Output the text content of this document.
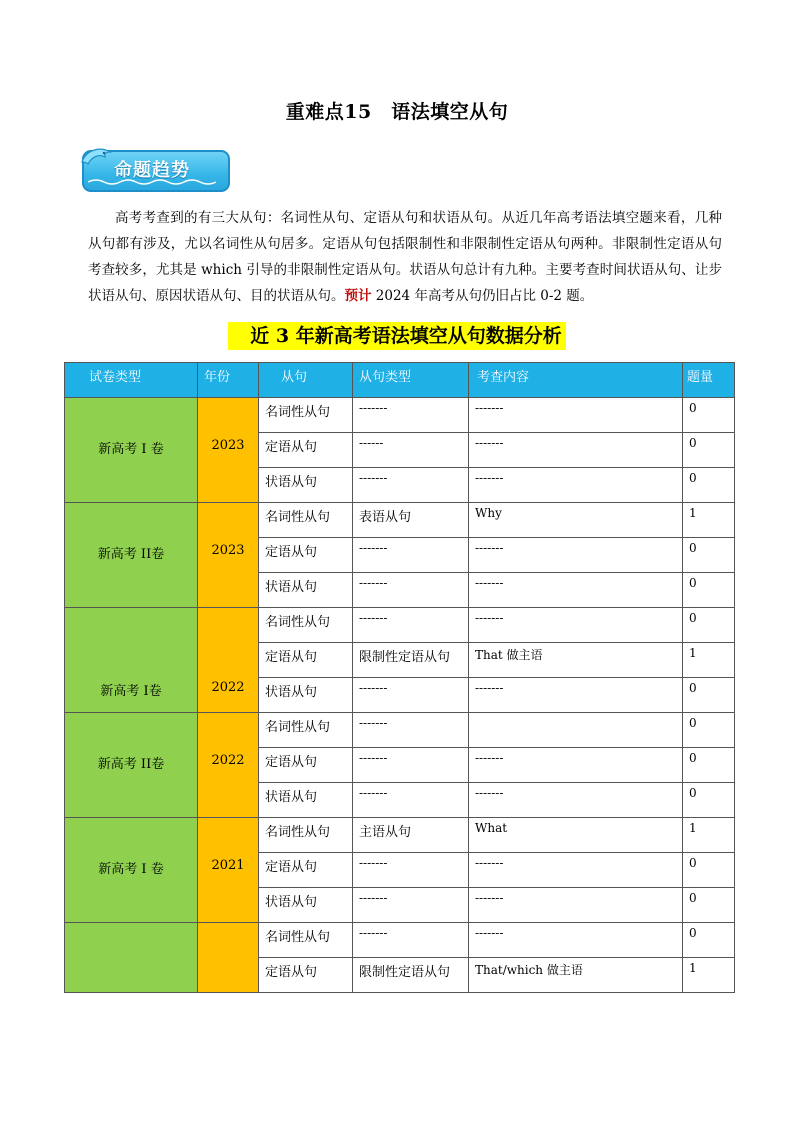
重难点15　语法填空从句
命题趋势
高考考查到的有三大从句：名词性从句、定语从句和状语从句。从近几年高考语法填空题来看，几种从句都有涉及，尤以名词性从句居多。定语从句包括限制性和非限制性定语从句两种。非限制性定语从句考查较多，尤其是 which 引导的非限制性定语从句。状语从句总计有九种。主要考查时间状语从句、让步状语从句、原因状语从句、目的状语从句。预计 2024 年高考从句仍旧占比 0-2 题。
近 3 年新高考语法填空从句数据分析
试卷类型	年份	从句	从句类型	考查内容	题量

新高考 I 卷	2023	名词性从句	-------	-------	0

		定语从句	------	-------	0

		状语从句	-------	-------	0

新高考 II卷	2023	名词性从句	表语从句	Why	1

		定语从句	-------	-------	0

		状语从句	-------	-------	0

新高考 I卷	2022	名词性从句	-------	-------	0

		定语从句	限制性定语从句	That 做主语	1

		状语从句	-------	-------	0

新高考 II卷	2022	名词性从句	-------		0

		定语从句	-------	-------	0

		状语从句	-------	-------	0

新高考 I 卷	2021	名词性从句	主语从句	What	1

		定语从句	-------	-------	0

		状语从句	-------	-------	0

		名词性从句	-------	-------	0

		定语从句	限制性定语从句	That/which 做主语	1
